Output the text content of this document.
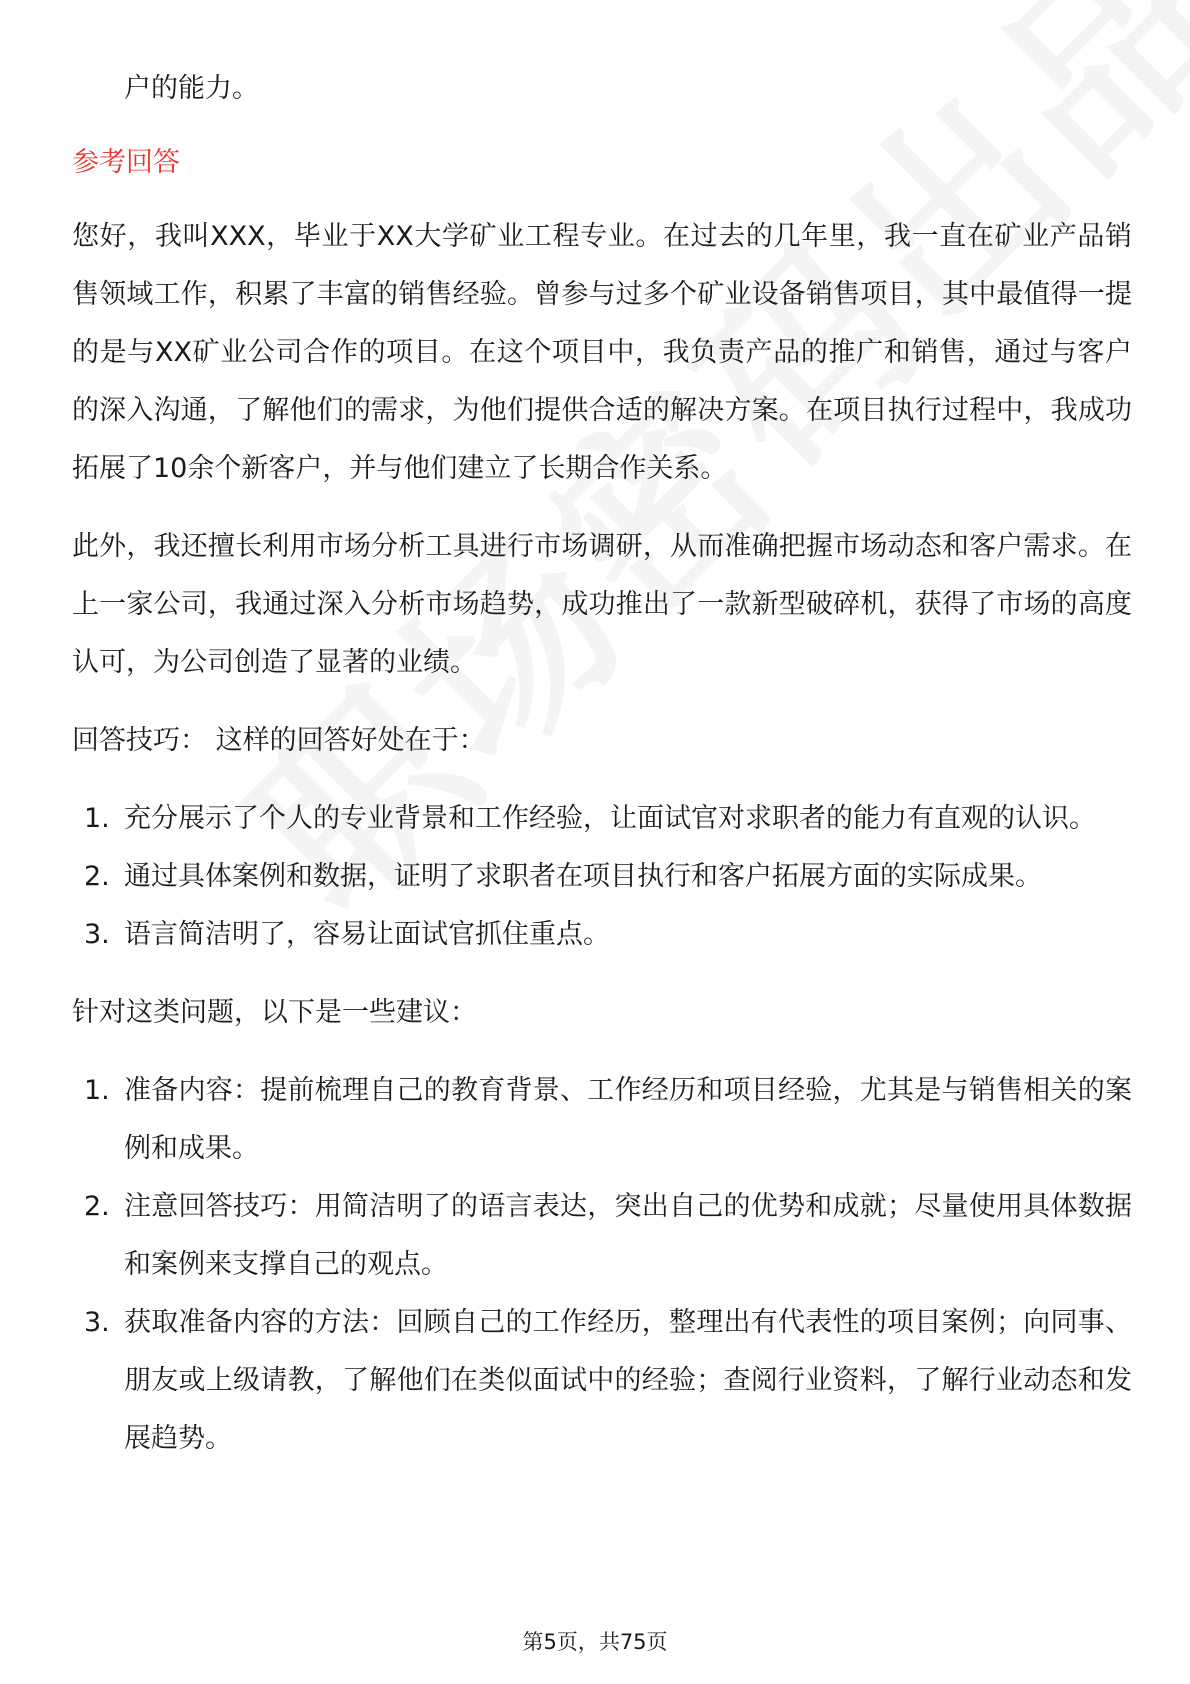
户的能力。

参考回答

您好，我叫XXX，毕业于XX大学矿业工程专业。在过去的几年里，我一直在矿业产品销售领域工作，积累了丰富的销售经验。曾参与过多个矿业设备销售项目，其中最值得一提的是与XX矿业公司合作的项目。在这个项目中，我负责产品的推广和销售，通过与客户的深入沟通，了解他们的需求，为他们提供合适的解决方案。在项目执行过程中，我成功拓展了10余个新客户，并与他们建立了长期合作关系。

此外，我还擅长利用市场分析工具进行市场调研，从而准确把握市场动态和客户需求。在上一家公司，我通过深入分析市场趋势，成功推出了一款新型破碎机，获得了市场的高度认可，为公司创造了显著的业绩。

回答技巧： 这样的回答好处在于：

1. 充分展示了个人的专业背景和工作经验，让面试官对求职者的能力有直观的认识。
2. 通过具体案例和数据，证明了求职者在项目执行和客户拓展方面的实际成果。
3. 语言简洁明了，容易让面试官抓住重点。

针对这类问题，以下是一些建议：

1. 准备内容：提前梳理自己的教育背景、工作经历和项目经验，尤其是与销售相关的案例和成果。
2. 注意回答技巧：用简洁明了的语言表达，突出自己的优势和成就；尽量使用具体数据和案例来支撑自己的观点。
3. 获取准备内容的方法：回顾自己的工作经历，整理出有代表性的项目案例；向同事、朋友或上级请教，了解他们在类似面试中的经验；查阅行业资料，了解行业动态和发展趋势。
第5页，共75页
